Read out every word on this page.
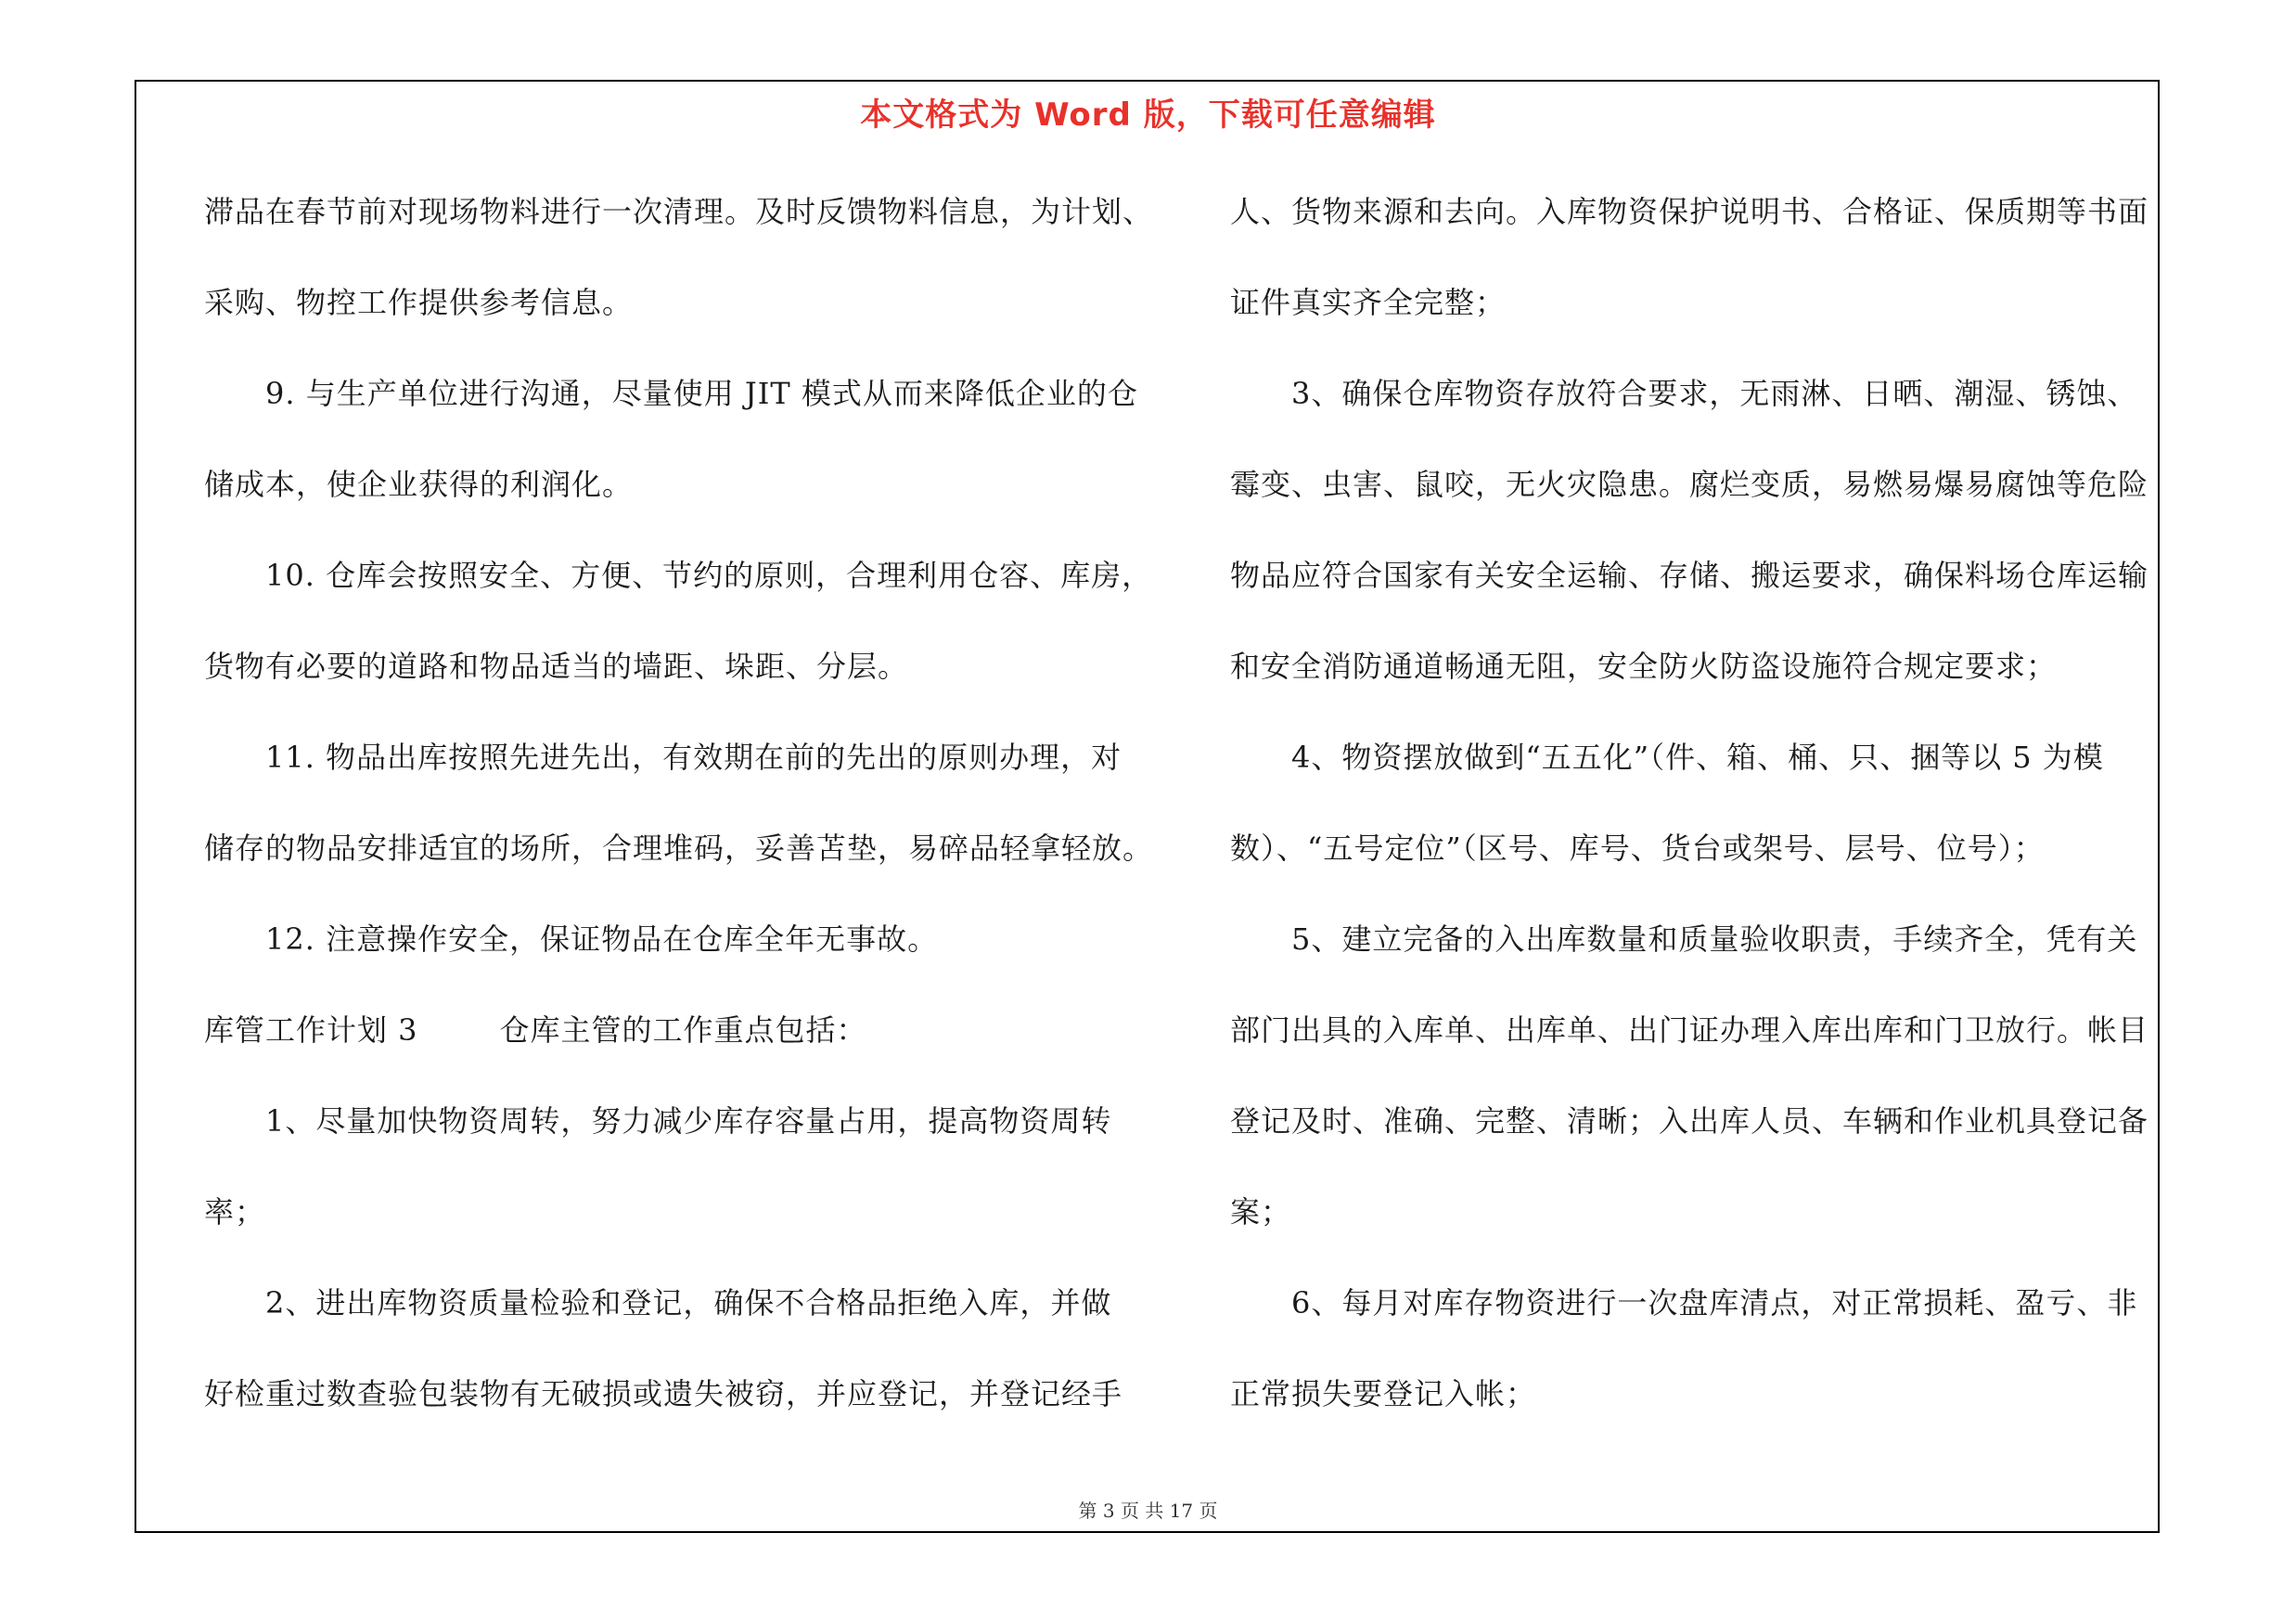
本文格式为 Word 版，下载可任意编辑
滞品在春节前对现场物料进行一次清理。及时反馈物料信息，为计划、
采购、物控工作提供参考信息。
9. 与生产单位进行沟通，尽量使用 JIT 模式从而来降低企业的仓
储成本，使企业获得的利润化。
10. 仓库会按照安全、方便、节约的原则，合理利用仓容、库房，
货物有必要的道路和物品适当的墙距、垛距、分层。
11. 物品出库按照先进先出，有效期在前的先出的原则办理，对
储存的物品安排适宜的场所，合理堆码，妥善苫垫，易碎品轻拿轻放。
12. 注意操作安全，保证物品在仓库全年无事故。
库管工作计划 3	仓库主管的工作重点包括：
1、尽量加快物资周转，努力减少库存容量占用，提高物资周转
率；
2、进出库物资质量检验和登记，确保不合格品拒绝入库，并做
好检重过数查验包装物有无破损或遗失被窃，并应登记，并登记经手
人、货物来源和去向。入库物资保护说明书、合格证、保质期等书面
证件真实齐全完整；
3、确保仓库物资存放符合要求，无雨淋、日晒、潮湿、锈蚀、
霉变、虫害、鼠咬，无火灾隐患。腐烂变质，易燃易爆易腐蚀等危险
物品应符合国家有关安全运输、存储、搬运要求，确保料场仓库运输
和安全消防通道畅通无阻，安全防火防盗设施符合规定要求；
4、物资摆放做到“五五化”（件、箱、桶、只、捆等以 5 为模
数）、“五号定位”（区号、库号、货台或架号、层号、位号）；
5、建立完备的入出库数量和质量验收职责，手续齐全，凭有关
部门出具的入库单、出库单、出门证办理入库出库和门卫放行。帐目
登记及时、准确、完整、清晰；入出库人员、车辆和作业机具登记备
案；
6、每月对库存物资进行一次盘库清点，对正常损耗、盈亏、非
正常损失要登记入帐；
第 3 页 共 17 页
